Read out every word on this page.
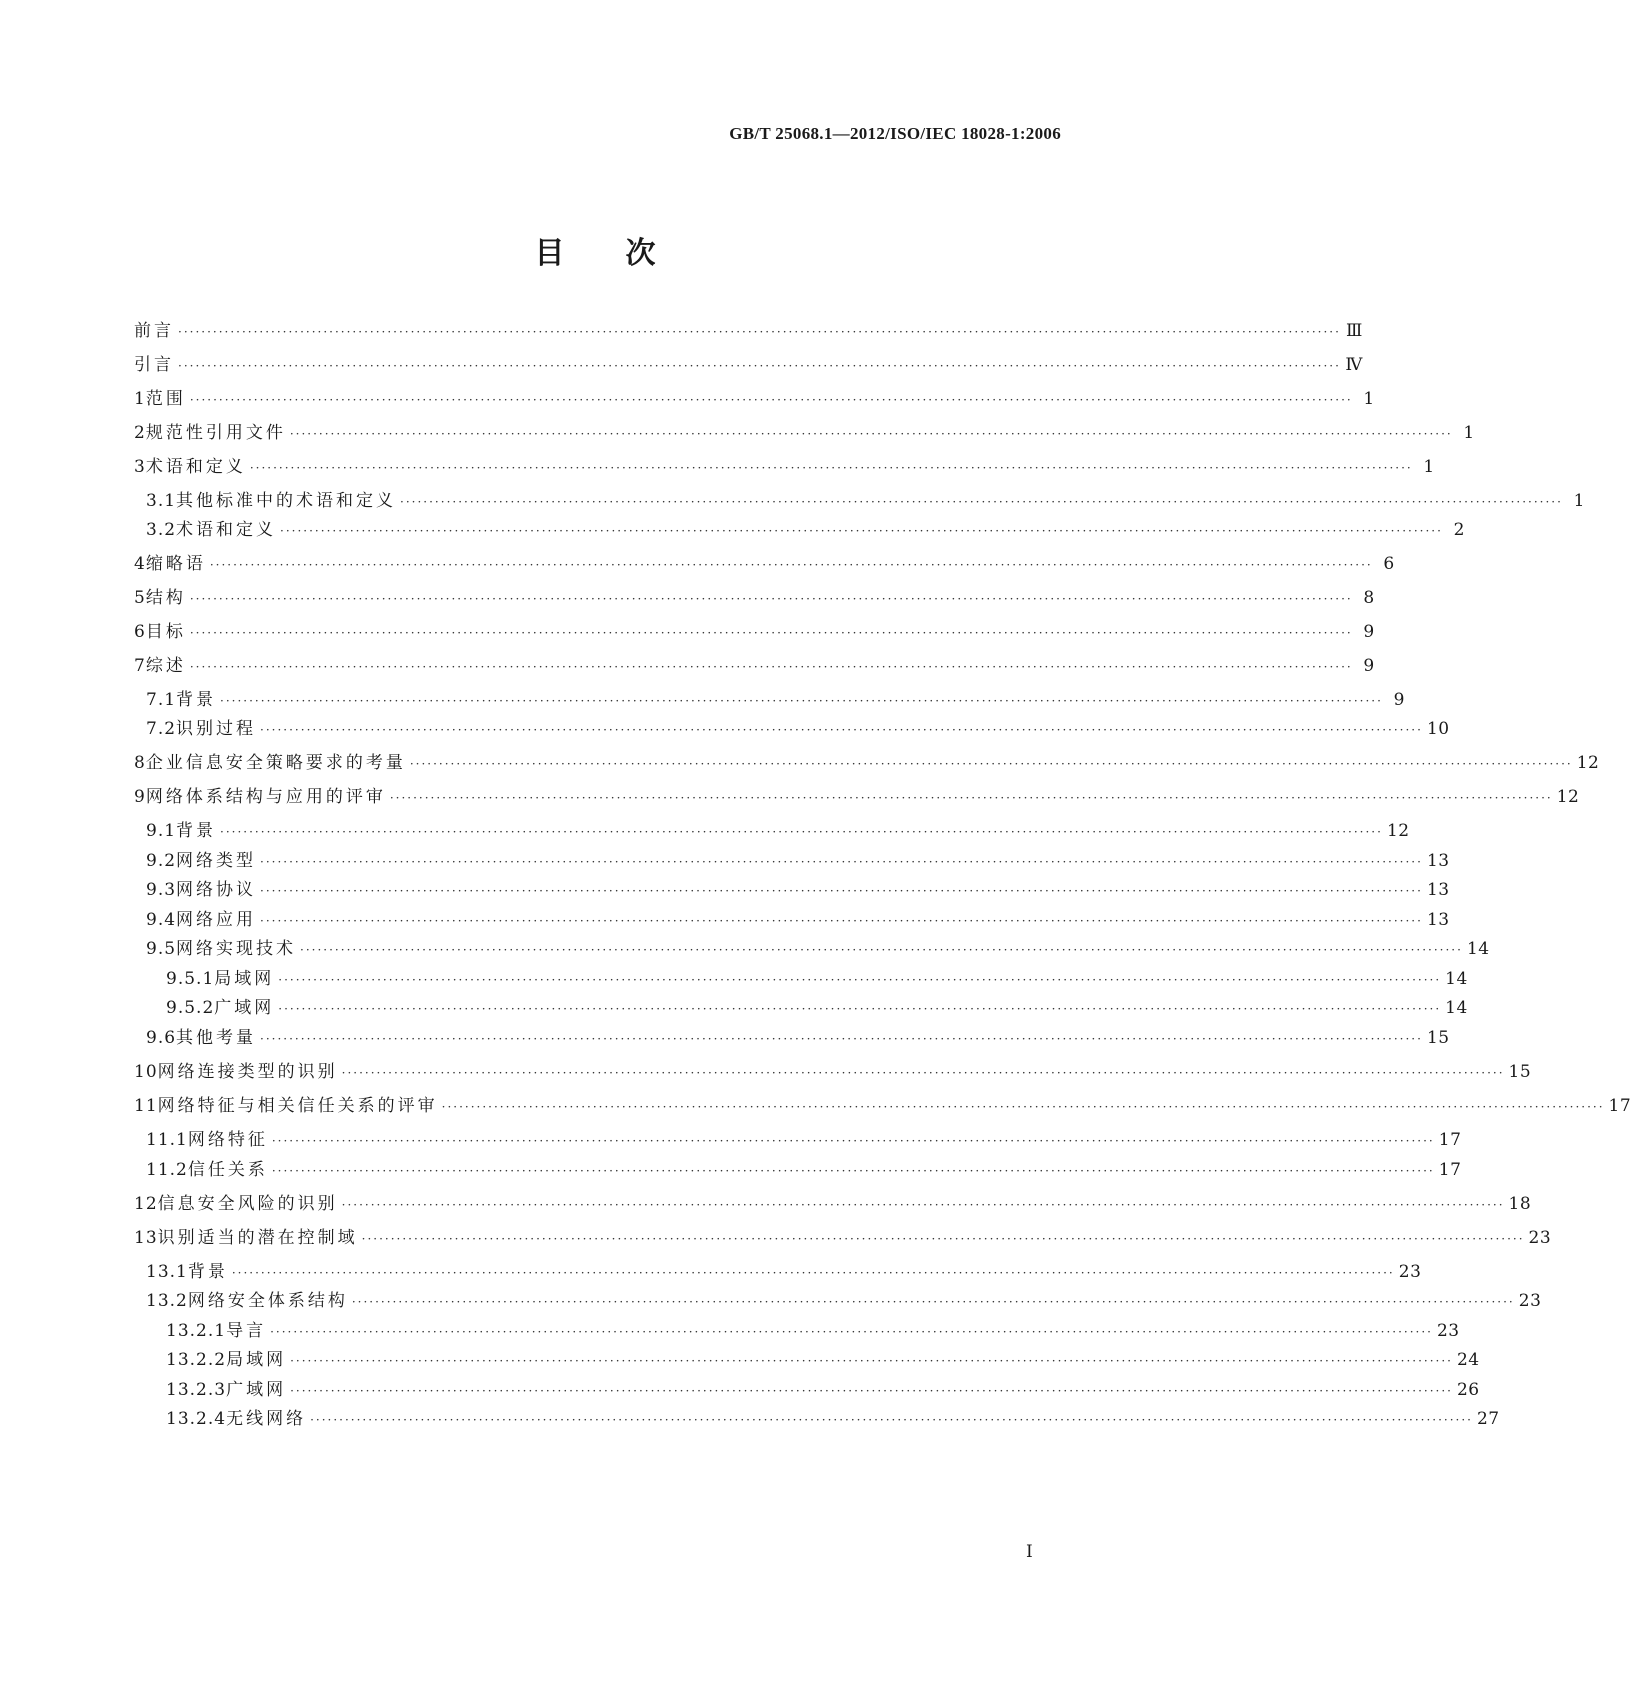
GB/T 25068.1—2012/ISO/IEC 18028-1:2006
目 次
前言 ········································································································································································································ Ⅲ
引言 ········································································································································································································ Ⅳ
1 范围 ········································································································································································································ 1
2 规范性引用文件 ········································································································································································································ 1
3 术语和定义 ········································································································································································································ 1
3.1 其他标准中的术语和定义 ········································································································································································································ 1
3.2 术语和定义 ········································································································································································································ 2
4 缩略语 ········································································································································································································ 6
5 结构 ········································································································································································································ 8
6 目标 ········································································································································································································ 9
7 综述 ········································································································································································································ 9
7.1 背景 ········································································································································································································ 9
7.2 识别过程 ········································································································································································································ 10
8 企业信息安全策略要求的考量 ········································································································································································································ 12
9 网络体系结构与应用的评审 ········································································································································································································ 12
9.1 背景 ········································································································································································································ 12
9.2 网络类型 ········································································································································································································ 13
9.3 网络协议 ········································································································································································································ 13
9.4 网络应用 ········································································································································································································ 13
9.5 网络实现技术 ········································································································································································································ 14
9.5.1 局域网 ········································································································································································································ 14
9.5.2 广域网 ········································································································································································································ 14
9.6 其他考量 ········································································································································································································ 15
10 网络连接类型的识别 ········································································································································································································ 15
11 网络特征与相关信任关系的评审 ········································································································································································································ 17
11.1 网络特征 ········································································································································································································ 17
11.2 信任关系 ········································································································································································································ 17
12 信息安全风险的识别 ········································································································································································································ 18
13 识别适当的潜在控制域 ········································································································································································································ 23
13.1 背景 ········································································································································································································ 23
13.2 网络安全体系结构 ········································································································································································································ 23
13.2.1 导言 ········································································································································································································ 23
13.2.2 局域网 ········································································································································································································ 24
13.2.3 广域网 ········································································································································································································ 26
13.2.4 无线网络 ········································································································································································································ 27
I
